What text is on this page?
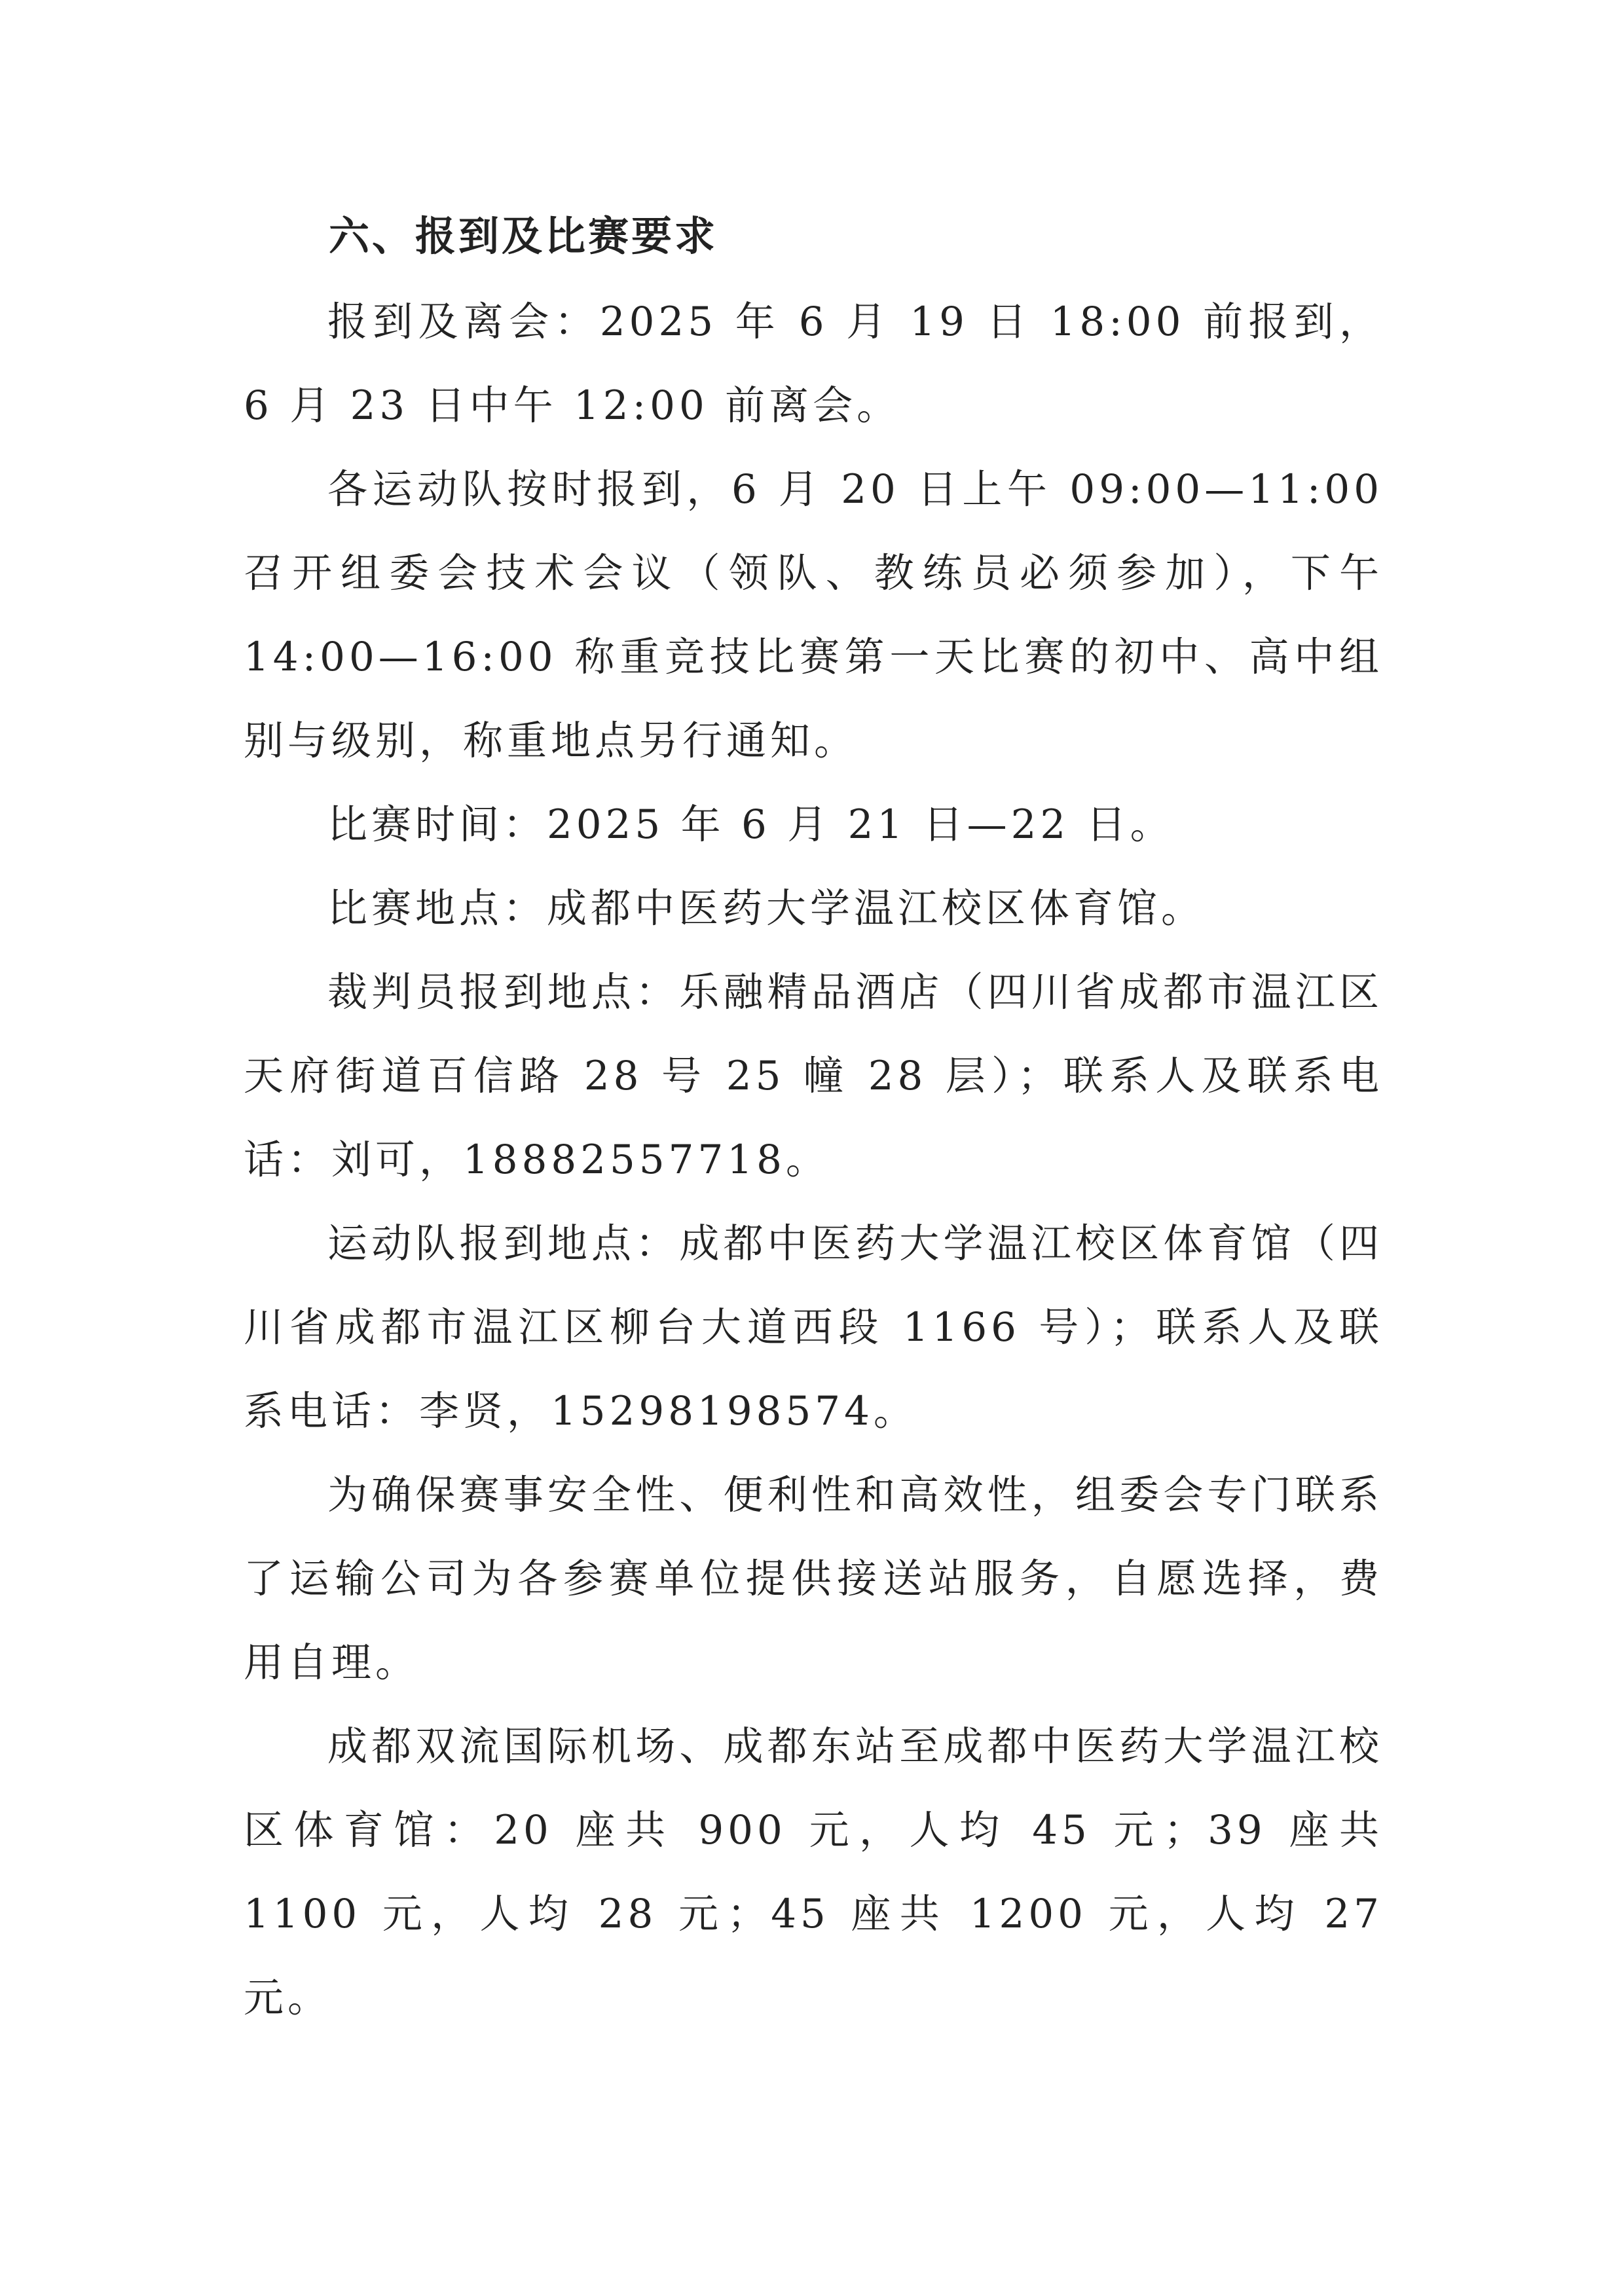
六、报到及比赛要求

报到及离会：2025 年 6 月 19 日 18:00 前报到，6 月 23 日中午 12:00 前离会。

各运动队按时报到，6 月 20 日上午 09:00—11:00 召开组委会技术会议（领队、教练员必须参加），下午 14:00—16:00 称重竞技比赛第一天比赛的初中、高中组别与级别，称重地点另行通知。

比赛时间：2025 年 6 月 21 日—22 日。

比赛地点：成都中医药大学温江校区体育馆。

裁判员报到地点：乐融精品酒店（四川省成都市温江区天府街道百信路 28 号 25 幢 28 层）；联系人及联系电话：刘可，18882557718。

运动队报到地点：成都中医药大学温江校区体育馆（四川省成都市温江区柳台大道西段 1166 号）；联系人及联系电话：李贤，15298198574。

为确保赛事安全性、便利性和高效性，组委会专门联系了运输公司为各参赛单位提供接送站服务，自愿选择，费用自理。

成都双流国际机场、成都东站至成都中医药大学温江校区体育馆：20 座共 900 元，人均 45 元；39 座共 1100 元，人均 28 元；45 座共 1200 元，人均 27 元。
